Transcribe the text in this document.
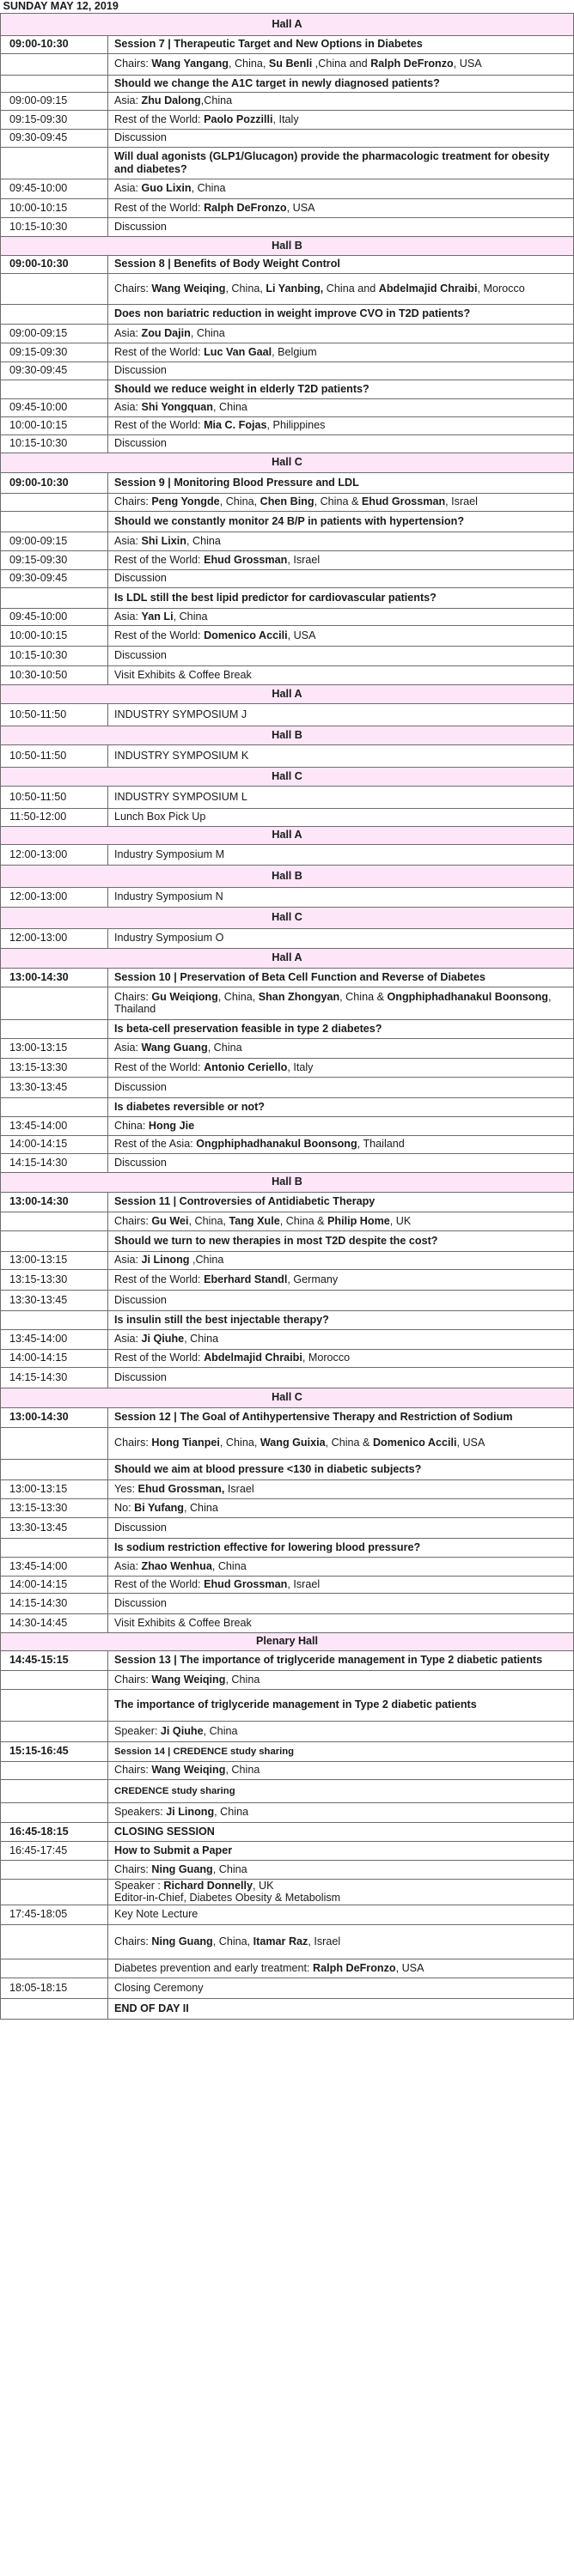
SUNDAY MAY 12, 2019	
Hall A	
09:00-10:30	Session 7 | Therapeutic Target and New Options in Diabetes
	Chairs: Wang Yangang, China, Su Benli ,China and Ralph DeFronzo, USA
	Should we change the A1C target in newly diagnosed patients?
09:00-09:15	Asia: Zhu Dalong,China
09:15-09:30	Rest of the World: Paolo Pozzilli, Italy
09:30-09:45	Discussion
	Will dual agonists (GLP1/Glucagon) provide the pharmacologic treatment for obesity and diabetes?
09:45-10:00	Asia: Guo Lixin, China
10:00-10:15	Rest of the World: Ralph DeFronzo, USA
10:15-10:30	Discussion
Hall B	
09:00-10:30	Session 8 | Benefits of Body Weight Control
	Chairs: Wang Weiqing, China, Li Yanbing, China and Abdelmajid Chraibi, Morocco
	Does non bariatric reduction in weight improve CVO in T2D patients?
09:00-09:15	Asia: Zou Dajin, China
09:15-09:30	Rest of the World: Luc Van Gaal, Belgium
09:30-09:45	Discussion
	Should we reduce weight in elderly T2D patients?
09:45-10:00	Asia: Shi Yongquan, China
10:00-10:15	Rest of the World: Mia C. Fojas, Philippines
10:15-10:30	Discussion
Hall C	
09:00-10:30	Session 9 | Monitoring Blood Pressure and LDL
	Chairs: Peng Yongde, China, Chen Bing, China & Ehud Grossman, Israel
	Should we constantly monitor 24 B/P in patients with hypertension?
09:00-09:15	Asia: Shi Lixin, China
09:15-09:30	Rest of the World: Ehud Grossman, Israel
09:30-09:45	Discussion
	Is LDL still the best lipid predictor for cardiovascular patients?
09:45-10:00	Asia: Yan Li, China
10:00-10:15	Rest of the World: Domenico Accili, USA
10:15-10:30	Discussion
10:30-10:50	Visit Exhibits & Coffee Break
Hall A	
10:50-11:50	INDUSTRY SYMPOSIUM J
Hall B	
10:50-11:50	INDUSTRY SYMPOSIUM K
Hall C	
10:50-11:50	INDUSTRY SYMPOSIUM L
11:50-12:00	Lunch Box Pick Up
Hall A	
12:00-13:00	Industry Symposium M
Hall B	
12:00-13:00	Industry Symposium N
Hall C	
12:00-13:00	Industry Symposium O
Hall A	
13:00-14:30	Session 10 | Preservation of Beta Cell Function and Reverse of Diabetes
	Chairs: Gu Weiqiong, China, Shan Zhongyan, China & Ongphiphadhanakul Boonsong, Thailand
	Is beta-cell preservation feasible in type 2 diabetes?
13:00-13:15	Asia: Wang Guang, China
13:15-13:30	Rest of the World: Antonio Ceriello, Italy
13:30-13:45	Discussion
	Is diabetes reversible or not?
13:45-14:00	China: Hong Jie
14:00-14:15	Rest of the Asia: Ongphiphadhanakul Boonsong, Thailand
14:15-14:30	Discussion
Hall B	
13:00-14:30	Session 11 | Controversies of Antidiabetic Therapy
	Chairs: Gu Wei, China, Tang Xule, China & Philip Home, UK
	Should we turn to new therapies in most T2D despite the cost?
13:00-13:15	Asia: Ji Linong ,China
13:15-13:30	Rest of the World: Eberhard Standl, Germany
13:30-13:45	Discussion
	Is insulin still the best injectable therapy?
13:45-14:00	Asia: Ji Qiuhe, China
14:00-14:15	Rest of the World: Abdelmajid Chraibi, Morocco
14:15-14:30	Discussion
Hall C	
13:00-14:30	Session 12 | The Goal of Antihypertensive Therapy and Restriction of Sodium
	Chairs: Hong Tianpei, China, Wang Guixia, China & Domenico Accili, USA
	Should we aim at blood pressure <130 in diabetic subjects?
13:00-13:15	Yes: Ehud Grossman, Israel
13:15-13:30	No: Bi Yufang, China
13:30-13:45	Discussion
	Is sodium restriction effective for lowering blood pressure?
13:45-14:00	Asia: Zhao Wenhua, China
14:00-14:15	Rest of the World: Ehud Grossman, Israel
14:15-14:30	Discussion
14:30-14:45	Visit Exhibits & Coffee Break
Plenary Hall	
14:45-15:15	Session 13 | The importance of triglyceride management in Type 2 diabetic patients
	Chairs: Wang Weiqing, China
	The importance of triglyceride management in Type 2 diabetic patients
	Speaker: Ji Qiuhe, China
15:15-16:45	Session 14 | CREDENCE study sharing
	Chairs: Wang Weiqing, China
	CREDENCE study sharing
	Speakers: Ji Linong, China
16:45-18:15	CLOSING SESSION
16:45-17:45	How to Submit a Paper
	Chairs: Ning Guang, China
	Speaker : Richard Donnelly, UK
Editor-in-Chief, Diabetes Obesity & Metabolism
17:45-18:05	Key Note Lecture
	Chairs: Ning Guang, China, Itamar Raz, Israel
	Diabetes prevention and early treatment: Ralph DeFronzo, USA
18:05-18:15	Closing Ceremony
	END OF DAY II
